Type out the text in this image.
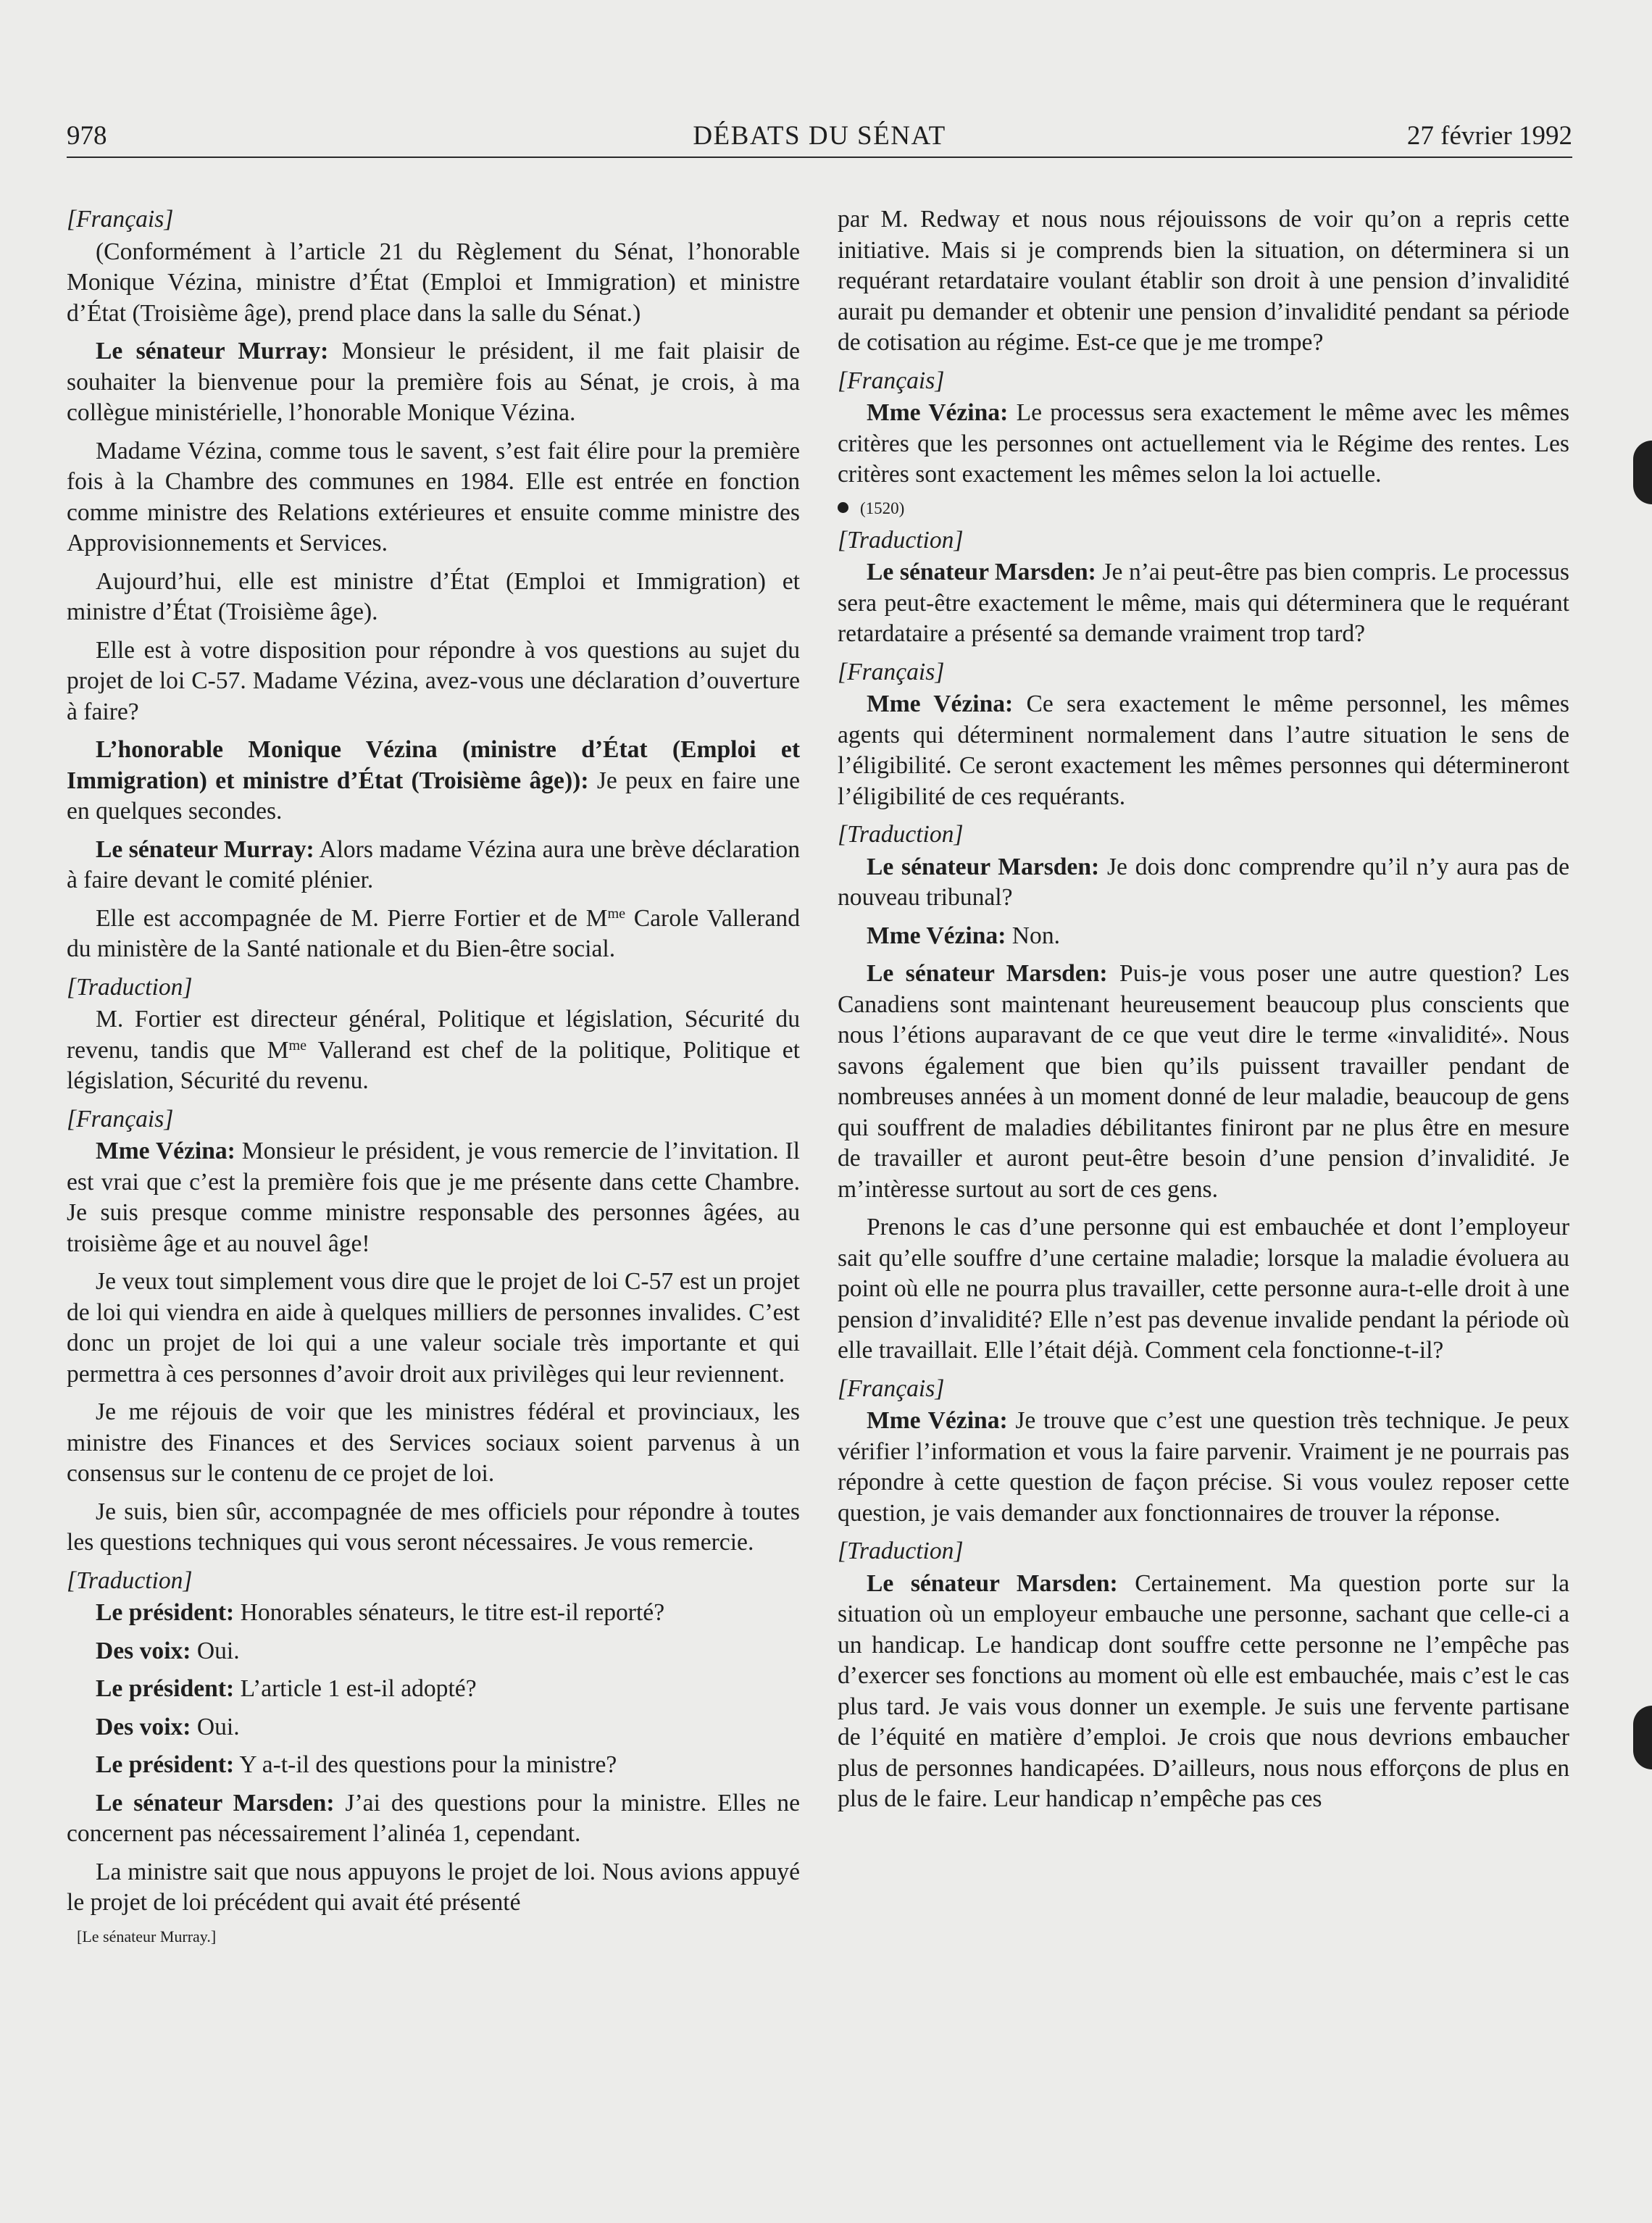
978	DÉBATS DU SÉNAT	27 février 1992

[Français]

(Conformément à l’article 21 du Règlement du Sénat, l’honorable Monique Vézina, ministre d’État (Emploi et Immigration) et ministre d’État (Troisième âge), prend place dans la salle du Sénat.)

Le sénateur Murray: Monsieur le président, il me fait plaisir de souhaiter la bienvenue pour la première fois au Sénat, je crois, à ma collègue ministérielle, l’honorable Monique Vézina.

Madame Vézina, comme tous le savent, s’est fait élire pour la première fois à la Chambre des communes en 1984. Elle est entrée en fonction comme ministre des Relations extérieures et ensuite comme ministre des Approvisionnements et Services.

Aujourd’hui, elle est ministre d’État (Emploi et Immigration) et ministre d’État (Troisième âge).

Elle est à votre disposition pour répondre à vos questions au sujet du projet de loi C-57. Madame Vézina, avez-vous une déclaration d’ouverture à faire?

L’honorable Monique Vézina (ministre d’État (Emploi et Immigration) et ministre d’État (Troisième âge)): Je peux en faire une en quelques secondes.

Le sénateur Murray: Alors madame Vézina aura une brève déclaration à faire devant le comité plénier.

Elle est accompagnée de M. Pierre Fortier et de $M^{me}$ Carole Vallerand du ministère de la Santé nationale et du Bien-être social.

[Traduction]

M. Fortier est directeur général, Politique et législation, Sécurité du revenu, tandis que $M^{me}$ Vallerand est chef de la politique, Politique et législation, Sécurité du revenu.

[Français]

Mme Vézina: Monsieur le président, je vous remercie de l’invitation. Il est vrai que c’est la première fois que je me présente dans cette Chambre. Je suis presque comme ministre responsable des personnes âgées, au troisième âge et au nouvel âge!

Je veux tout simplement vous dire que le projet de loi C-57 est un projet de loi qui viendra en aide à quelques milliers de personnes invalides. C’est donc un projet de loi qui a une valeur sociale très importante et qui permettra à ces personnes d’avoir droit aux privilèges qui leur reviennent.

Je me réjouis de voir que les ministres fédéral et provinciaux, les ministre des Finances et des Services sociaux soient parvenus à un consensus sur le contenu de ce projet de loi.

Je suis, bien sûr, accompagnée de mes officiels pour répondre à toutes les questions techniques qui vous seront nécessaires. Je vous remercie.

[Traduction]

Le président: Honorables sénateurs, le titre est-il reporté?

Des voix: Oui.

Le président: L’article 1 est-il adopté?

Des voix: Oui.

Le président: Y a-t-il des questions pour la ministre?

Le sénateur Marsden: J’ai des questions pour la ministre. Elles ne concernent pas nécessairement l’alinéa 1, cependant.

La ministre sait que nous appuyons le projet de loi. Nous avions appuyé le projet de loi précédent qui avait été présenté

[Le sénateur Murray.]

par M. Redway et nous nous réjouissons de voir qu’on a repris cette initiative. Mais si je comprends bien la situation, on déterminera si un requérant retardataire voulant établir son droit à une pension d’invalidité aurait pu demander et obtenir une pension d’invalidité pendant sa période de cotisation au régime. Est-ce que je me trompe?

[Français]

Mme Vézina: Le processus sera exactement le même avec les mêmes critères que les personnes ont actuellement via le Régime des rentes. Les critères sont exactement les mêmes selon la loi actuelle.

(1520)

[Traduction]

Le sénateur Marsden: Je n’ai peut-être pas bien compris. Le processus sera peut-être exactement le même, mais qui déterminera que le requérant retardataire a présenté sa demande vraiment trop tard?

[Français]

Mme Vézina: Ce sera exactement le même personnel, les mêmes agents qui déterminent normalement dans l’autre situation le sens de l’éligibilité. Ce seront exactement les mêmes personnes qui détermineront l’éligibilité de ces requérants.

[Traduction]

Le sénateur Marsden: Je dois donc comprendre qu’il n’y aura pas de nouveau tribunal?

Mme Vézina: Non.

Le sénateur Marsden: Puis-je vous poser une autre question? Les Canadiens sont maintenant heureusement beaucoup plus conscients que nous l’étions auparavant de ce que veut dire le terme «invalidité». Nous savons également que bien qu’ils puissent travailler pendant de nombreuses années à un moment donné de leur maladie, beaucoup de gens qui souffrent de maladies débilitantes finiront par ne plus être en mesure de travailler et auront peut-être besoin d’une pension d’invalidité. Je m’intèresse surtout au sort de ces gens.

Prenons le cas d’une personne qui est embauchée et dont l’employeur sait qu’elle souffre d’une certaine maladie; lorsque la maladie évoluera au point où elle ne pourra plus travailler, cette personne aura-t-elle droit à une pension d’invalidité? Elle n’est pas devenue invalide pendant la période où elle travaillait. Elle l’était déjà. Comment cela fonctionne-t-il?

[Français]

Mme Vézina: Je trouve que c’est une question très technique. Je peux vérifier l’information et vous la faire parvenir. Vraiment je ne pourrais pas répondre à cette question de façon précise. Si vous voulez reposer cette question, je vais demander aux fonctionnaires de trouver la réponse.

[Traduction]

Le sénateur Marsden: Certainement. Ma question porte sur la situation où un employeur embauche une personne, sachant que celle-ci a un handicap. Le handicap dont souffre cette personne ne l’empêche pas d’exercer ses fonctions au moment où elle est embauchée, mais c’est le cas plus tard. Je vais vous donner un exemple. Je suis une fervente partisane de l’équité en matière d’emploi. Je crois que nous devrions embaucher plus de personnes handicapées. D’ailleurs, nous nous efforçons de plus en plus de le faire. Leur handicap n’empêche pas ces
